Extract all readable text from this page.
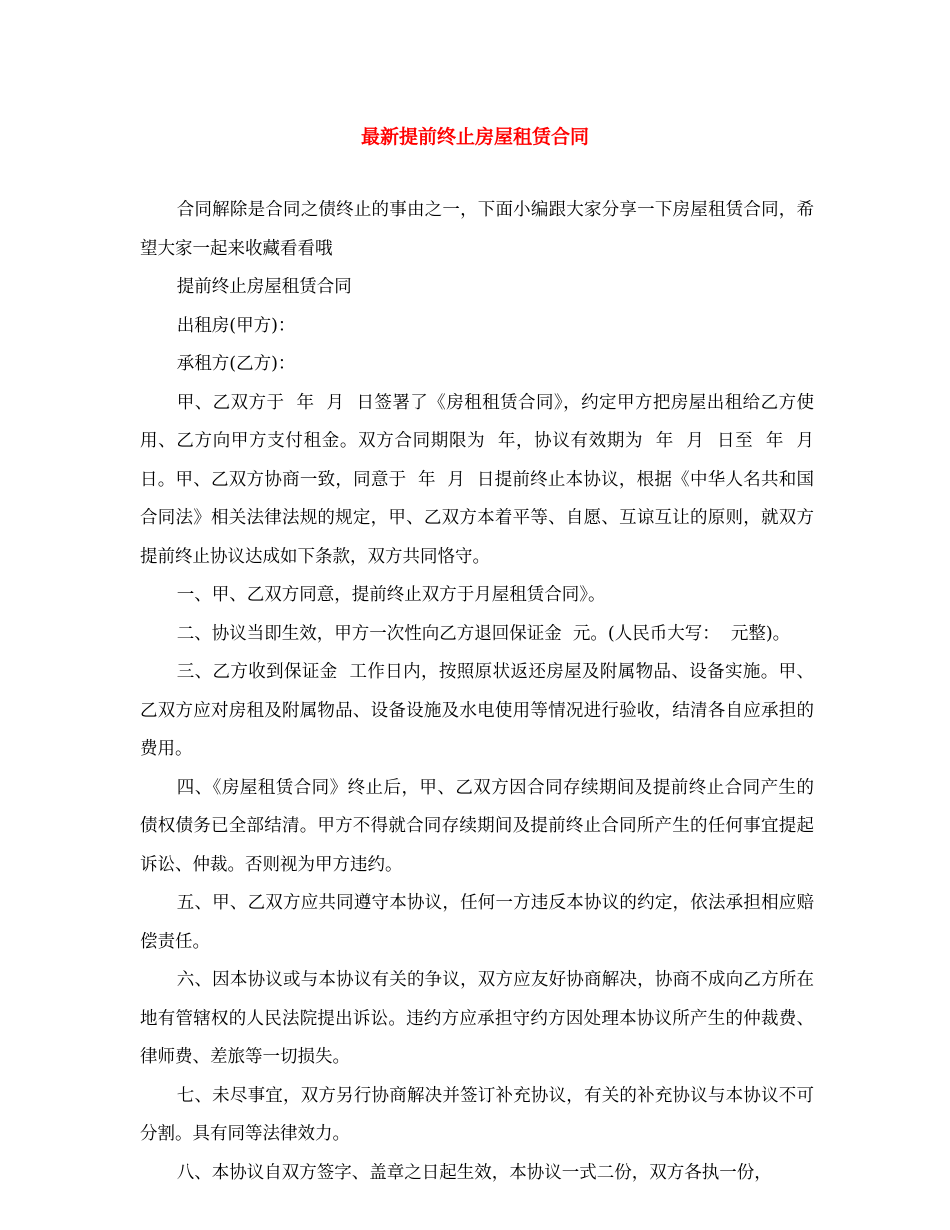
最新提前终止房屋租赁合同

合同解除是合同之债终止的事由之一，下面小编跟大家分享一下房屋租赁合同，希望大家一起来收藏看看哦

提前终止房屋租赁合同

出租房(甲方)：

承租方(乙方)：

甲、乙双方于  年  月  日签署了《房租租赁合同》，约定甲方把房屋出租给乙方使用、乙方向甲方支付租金。双方合同期限为  年，协议有效期为  年  月  日至  年  月  日。甲、乙双方协商一致，同意于  年  月  日提前终止本协议，根据《中华人名共和国合同法》相关法律法规的规定，甲、乙双方本着平等、自愿、互谅互让的原则，就双方提前终止协议达成如下条款，双方共同恪守。

一、甲、乙双方同意，提前终止双方于月屋租赁合同》。

二、协议当即生效，甲方一次性向乙方退回保证金  元。(人民币大写：  元整)。

三、乙方收到保证金  工作日内，按照原状返还房屋及附属物品、设备实施。甲、乙双方应对房租及附属物品、设备设施及水电使用等情况进行验收，结清各自应承担的费用。

四、《房屋租赁合同》终止后，甲、乙双方因合同存续期间及提前终止合同产生的债权债务已全部结清。甲方不得就合同存续期间及提前终止合同所产生的任何事宜提起诉讼、仲裁。否则视为甲方违约。

五、甲、乙双方应共同遵守本协议，任何一方违反本协议的约定，依法承担相应赔偿责任。

六、因本协议或与本协议有关的争议，双方应友好协商解决，协商不成向乙方所在地有管辖权的人民法院提出诉讼。违约方应承担守约方因处理本协议所产生的仲裁费、律师费、差旅等一切损失。

七、未尽事宜，双方另行协商解决并签订补充协议，有关的补充协议与本协议不可分割。具有同等法律效力。

八、本协议自双方签字、盖章之日起生效，本协议一式二份，双方各执一份，
